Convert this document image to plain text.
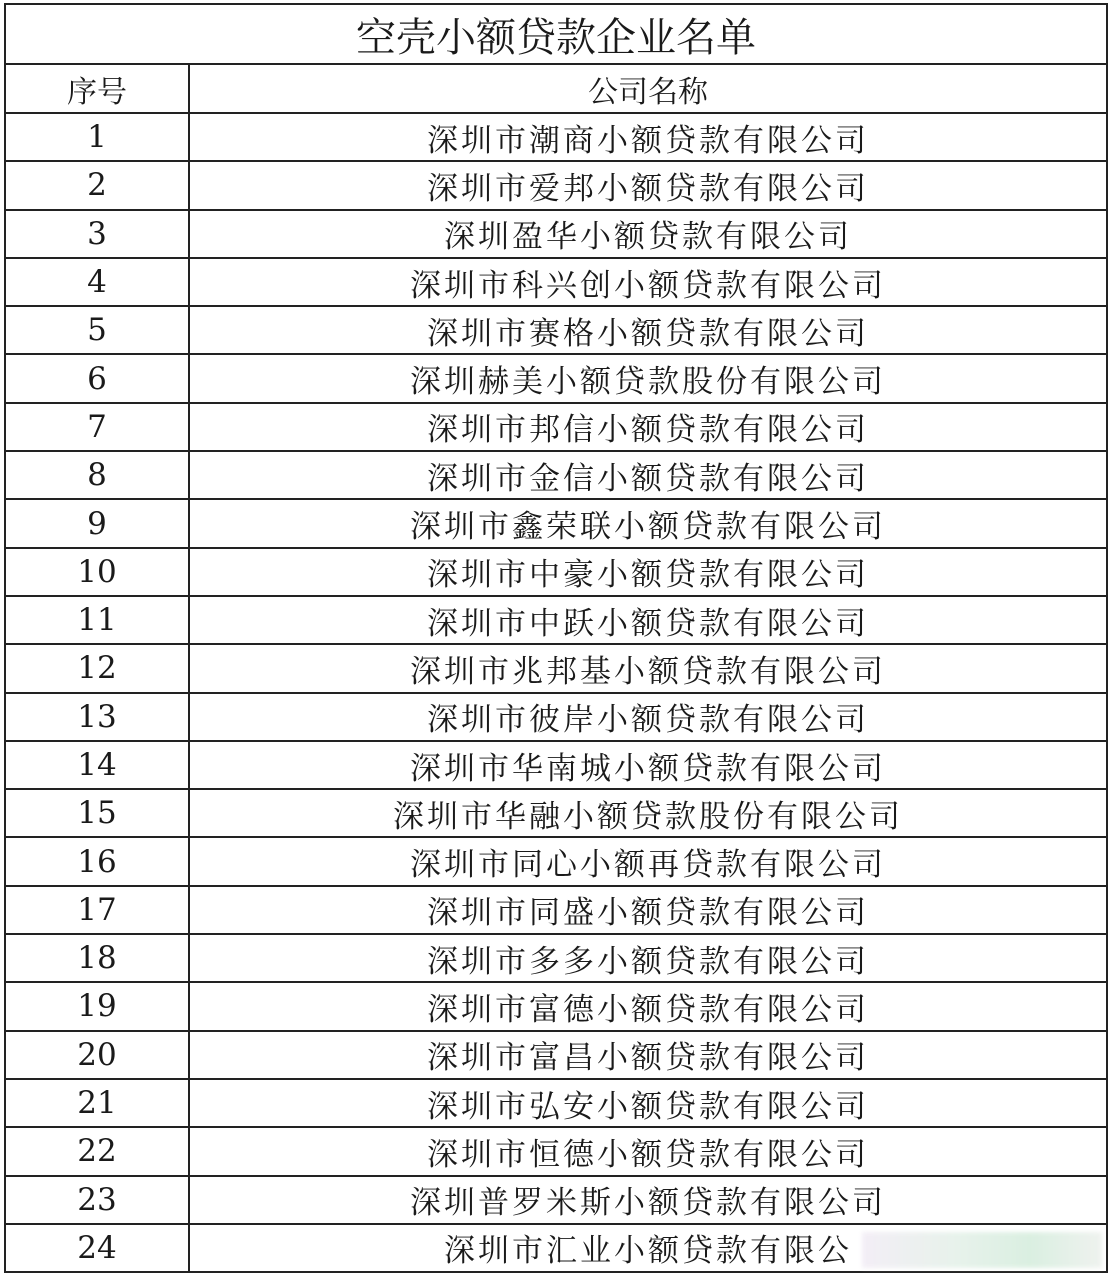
空壳小额贷款企业名单	
序号	公司名称
1	深圳市潮商小额贷款有限公司
2	深圳市爱邦小额贷款有限公司
3	深圳盈华小额贷款有限公司
4	深圳市科兴创小额贷款有限公司
5	深圳市赛格小额贷款有限公司
6	深圳赫美小额贷款股份有限公司
7	深圳市邦信小额贷款有限公司
8	深圳市金信小额贷款有限公司
9	深圳市鑫荣联小额贷款有限公司
10	深圳市中豪小额贷款有限公司
11	深圳市中跃小额贷款有限公司
12	深圳市兆邦基小额贷款有限公司
13	深圳市彼岸小额贷款有限公司
14	深圳市华南城小额贷款有限公司
15	深圳市华融小额贷款股份有限公司
16	深圳市同心小额再贷款有限公司
17	深圳市同盛小额贷款有限公司
18	深圳市多多小额贷款有限公司
19	深圳市富德小额贷款有限公司
20	深圳市富昌小额贷款有限公司
21	深圳市弘安小额贷款有限公司
22	深圳市恒德小额贷款有限公司
23	深圳普罗米斯小额贷款有限公司
24	深圳市汇业小额贷款有限公
